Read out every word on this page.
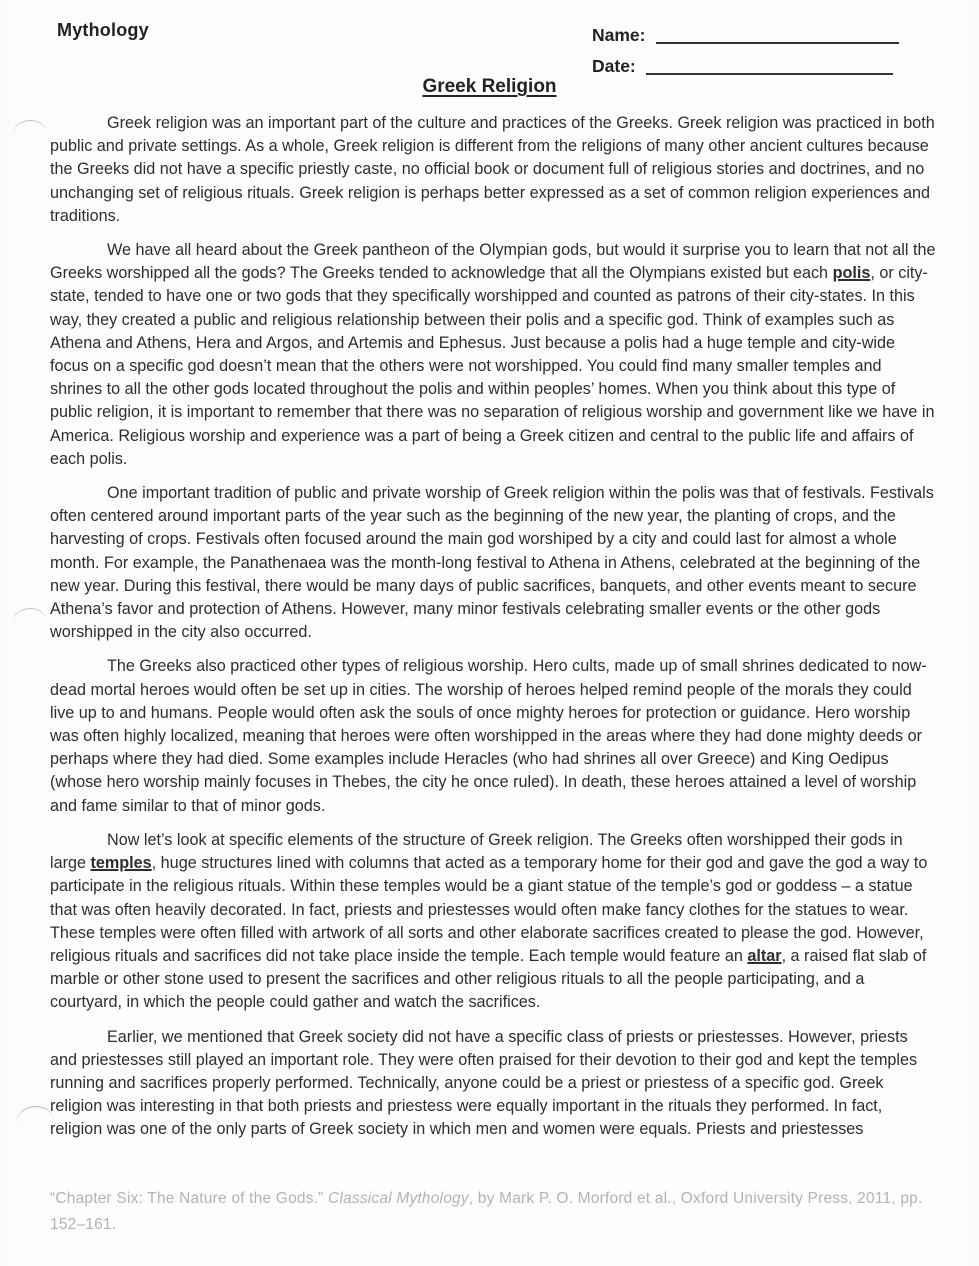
Mythology	Name:
Date:
Greek Religion

Greek religion was an important part of the culture and practices of the Greeks. Greek religion was practiced in both public and private settings. As a whole, Greek religion is different from the religions of many other ancient cultures because the Greeks did not have a specific priestly caste, no official book or document full of religious stories and doctrines, and no unchanging set of religious rituals. Greek religion is perhaps better expressed as a set of common religion experiences and traditions.

We have all heard about the Greek pantheon of the Olympian gods, but would it surprise you to learn that not all the Greeks worshipped all the gods? The Greeks tended to acknowledge that all the Olympians existed but each polis, or city-state, tended to have one or two gods that they specifically worshipped and counted as patrons of their city-states. In this way, they created a public and religious relationship between their polis and a specific god. Think of examples such as Athena and Athens, Hera and Argos, and Artemis and Ephesus. Just because a polis had a huge temple and city-wide focus on a specific god doesn’t mean that the others were not worshipped. You could find many smaller temples and shrines to all the other gods located throughout the polis and within peoples’ homes. When you think about this type of public religion, it is important to remember that there was no separation of religious worship and government like we have in America. Religious worship and experience was a part of being a Greek citizen and central to the public life and affairs of each polis.

One important tradition of public and private worship of Greek religion within the polis was that of festivals. Festivals often centered around important parts of the year such as the beginning of the new year, the planting of crops, and the harvesting of crops. Festivals often focused around the main god worshiped by a city and could last for almost a whole month. For example, the Panathenaea was the month-long festival to Athena in Athens, celebrated at the beginning of the new year. During this festival, there would be many days of public sacrifices, banquets, and other events meant to secure Athena’s favor and protection of Athens. However, many minor festivals celebrating smaller events or the other gods worshipped in the city also occurred.

The Greeks also practiced other types of religious worship. Hero cults, made up of small shrines dedicated to now-dead mortal heroes would often be set up in cities. The worship of heroes helped remind people of the morals they could live up to and humans. People would often ask the souls of once mighty heroes for protection or guidance. Hero worship was often highly localized, meaning that heroes were often worshipped in the areas where they had done mighty deeds or perhaps where they had died. Some examples include Heracles (who had shrines all over Greece) and King Oedipus (whose hero worship mainly focuses in Thebes, the city he once ruled). In death, these heroes attained a level of worship and fame similar to that of minor gods.

Now let’s look at specific elements of the structure of Greek religion. The Greeks often worshipped their gods in large temples, huge structures lined with columns that acted as a temporary home for their god and gave the god a way to participate in the religious rituals. Within these temples would be a giant statue of the temple’s god or goddess – a statue that was often heavily decorated. In fact, priests and priestesses would often make fancy clothes for the statues to wear. These temples were often filled with artwork of all sorts and other elaborate sacrifices created to please the god. However, religious rituals and sacrifices did not take place inside the temple. Each temple would feature an altar, a raised flat slab of marble or other stone used to present the sacrifices and other religious rituals to all the people participating, and a courtyard, in which the people could gather and watch the sacrifices.

Earlier, we mentioned that Greek society did not have a specific class of priests or priestesses. However, priests and priestesses still played an important role. They were often praised for their devotion to their god and kept the temples running and sacrifices properly performed. Technically, anyone could be a priest or priestess of a specific god. Greek religion was interesting in that both priests and priestess were equally important in the rituals they performed. In fact, religion was one of the only parts of Greek society in which men and women were equals. Priests and priestesses

“Chapter Six: The Nature of the Gods.” Classical Mythology, by Mark P. O. Morford et al., Oxford University Press, 2011, pp. 152–161.
